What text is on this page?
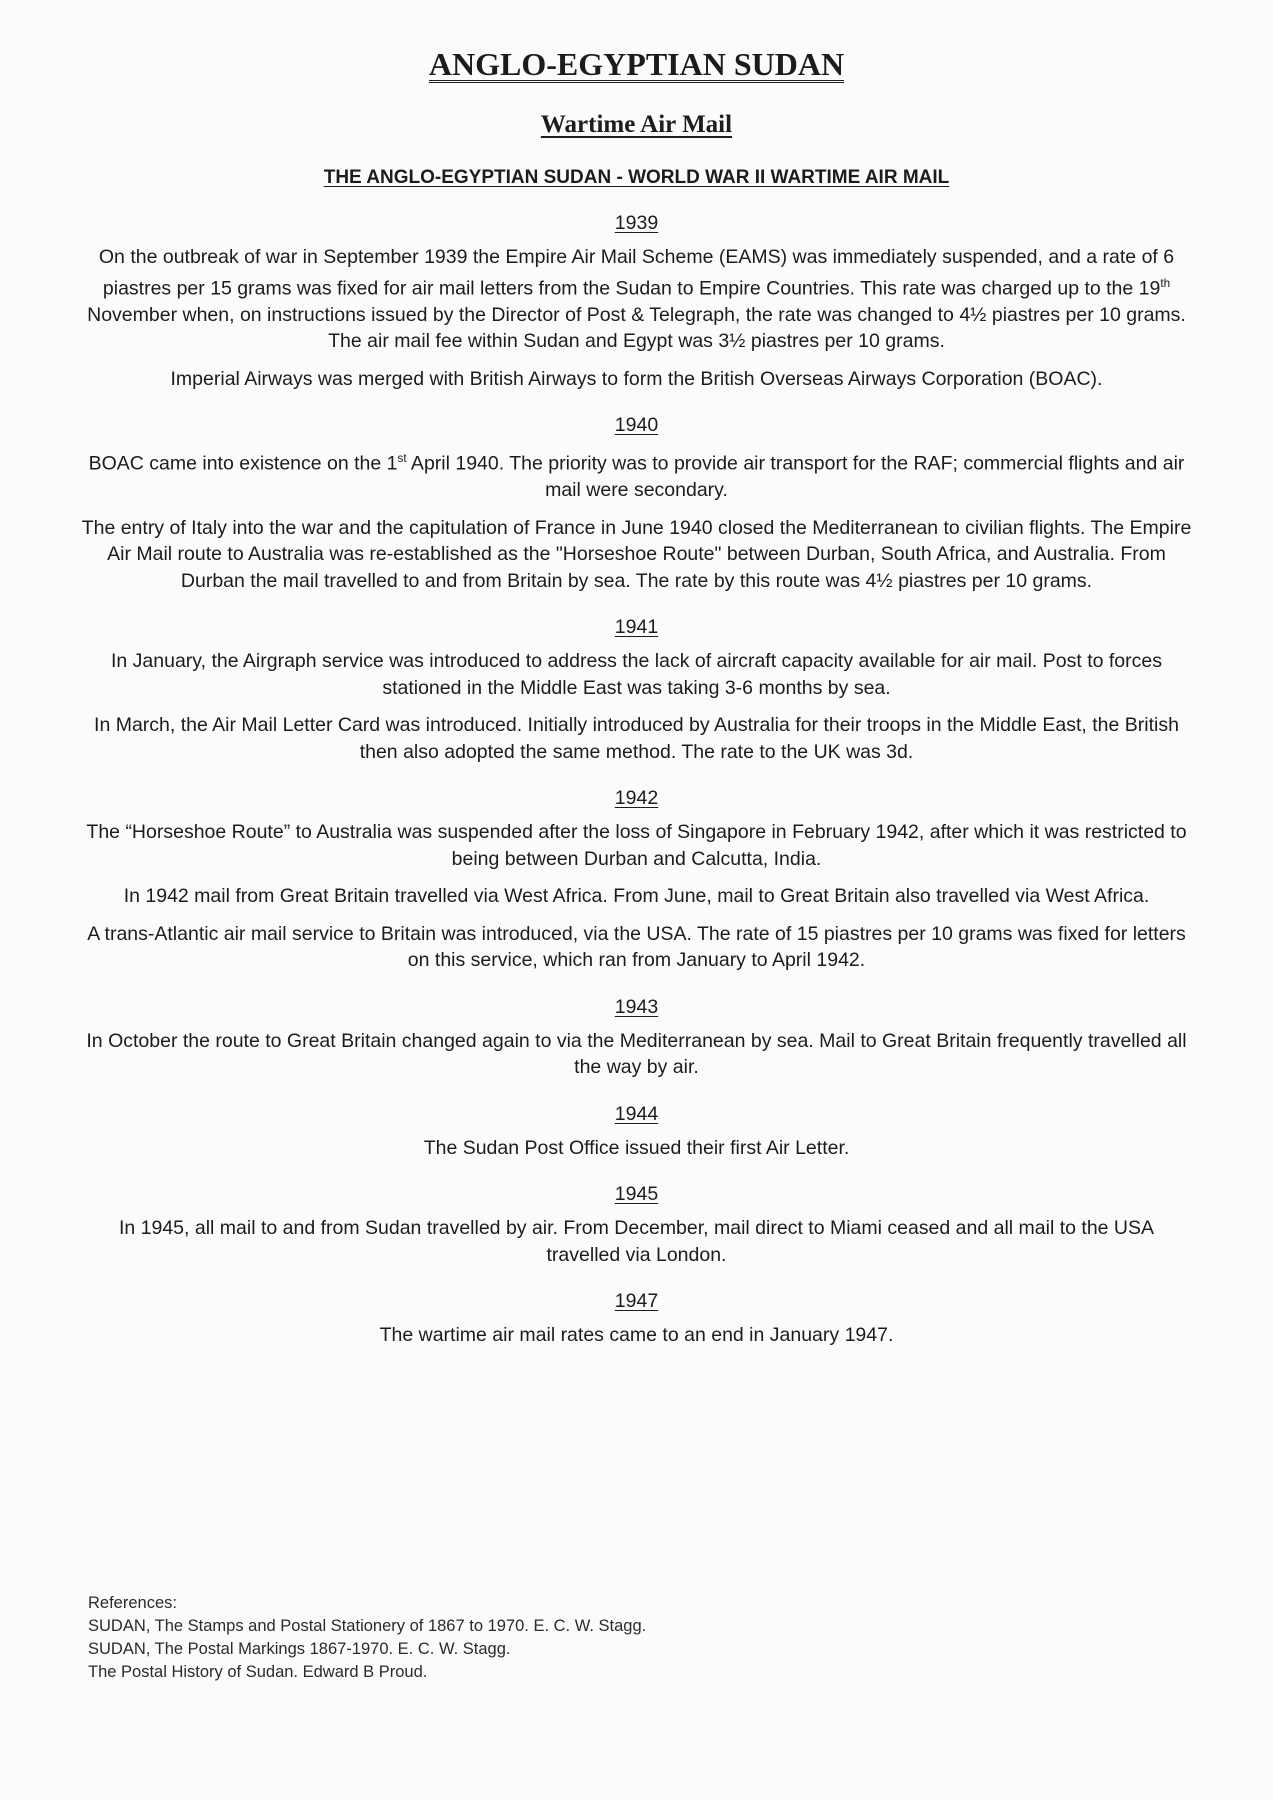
ANGLO-EGYPTIAN SUDAN
Wartime Air Mail
THE ANGLO-EGYPTIAN SUDAN - WORLD WAR II WARTIME AIR MAIL
1939

On the outbreak of war in September 1939 the Empire Air Mail Scheme (EAMS) was immediately suspended, and a rate of 6 piastres per 15 grams was fixed for air mail letters from the Sudan to Empire Countries. This rate was charged up to the 19th November when, on instructions issued by the Director of Post & Telegraph, the rate was changed to 4½ piastres per 10 grams. The air mail fee within Sudan and Egypt was 3½ piastres per 10 grams.

Imperial Airways was merged with British Airways to form the British Overseas Airways Corporation (BOAC).

1940

BOAC came into existence on the 1st April 1940. The priority was to provide air transport for the RAF; commercial flights and air mail were secondary.

The entry of Italy into the war and the capitulation of France in June 1940 closed the Mediterranean to civilian flights. The Empire Air Mail route to Australia was re-established as the "Horseshoe Route" between Durban, South Africa, and Australia. From Durban the mail travelled to and from Britain by sea. The rate by this route was 4½ piastres per 10 grams.

1941

In January, the Airgraph service was introduced to address the lack of aircraft capacity available for air mail. Post to forces stationed in the Middle East was taking 3-6 months by sea.

In March, the Air Mail Letter Card was introduced. Initially introduced by Australia for their troops in the Middle East, the British then also adopted the same method. The rate to the UK was 3d.

1942

The “Horseshoe Route” to Australia was suspended after the loss of Singapore in February 1942, after which it was restricted to being between Durban and Calcutta, India.

In 1942 mail from Great Britain travelled via West Africa. From June, mail to Great Britain also travelled via West Africa.

A trans-Atlantic air mail service to Britain was introduced, via the USA. The rate of 15 piastres per 10 grams was fixed for letters on this service, which ran from January to April 1942.

1943

In October the route to Great Britain changed again to via the Mediterranean by sea. Mail to Great Britain frequently travelled all the way by air.

1944

The Sudan Post Office issued their first Air Letter.

1945

In 1945, all mail to and from Sudan travelled by air. From December, mail direct to Miami ceased and all mail to the USA travelled via London.

1947

The wartime air mail rates came to an end in January 1947.

References:
SUDAN, The Stamps and Postal Stationery of 1867 to 1970. E. C. W. Stagg.
SUDAN, The Postal Markings 1867-1970. E. C. W. Stagg.
The Postal History of Sudan. Edward B Proud.
